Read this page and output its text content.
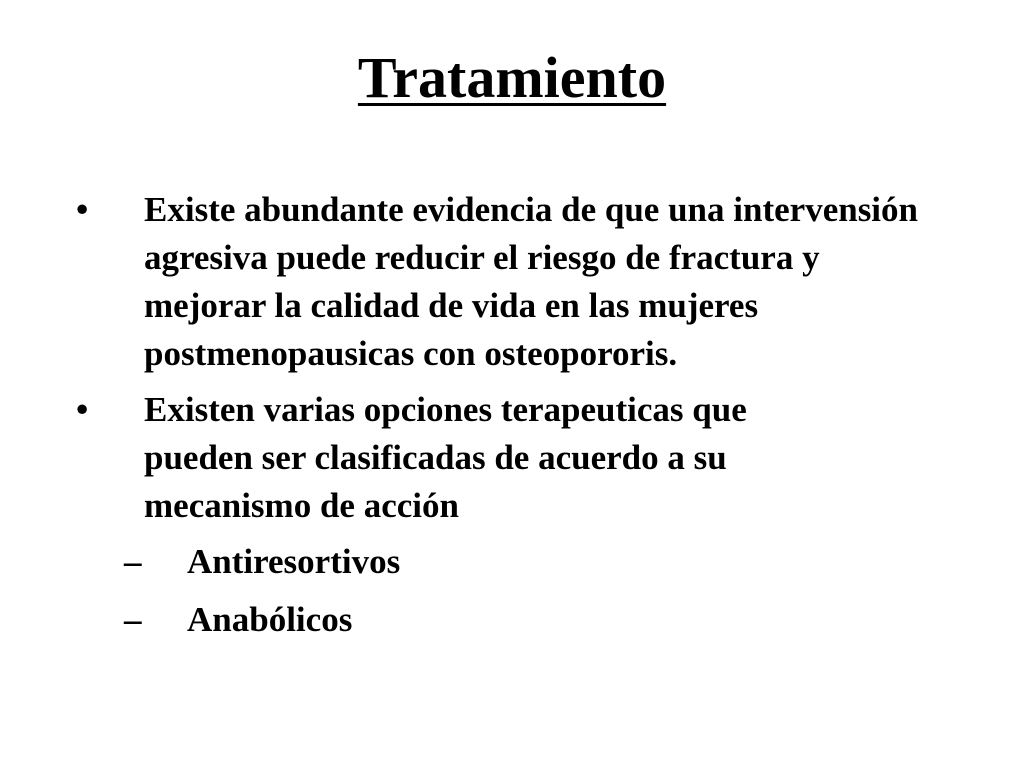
Tratamiento
• Existe abundante evidencia de que una intervensión agresiva puede reducir el riesgo de fractura y mejorar la calidad de vida en las mujeres postmenopausicas con osteopororis.
• Existen varias opciones terapeuticas que pueden ser clasificadas de acuerdo a su mecanismo de acción
– Antiresortivos
– Anabólicos
